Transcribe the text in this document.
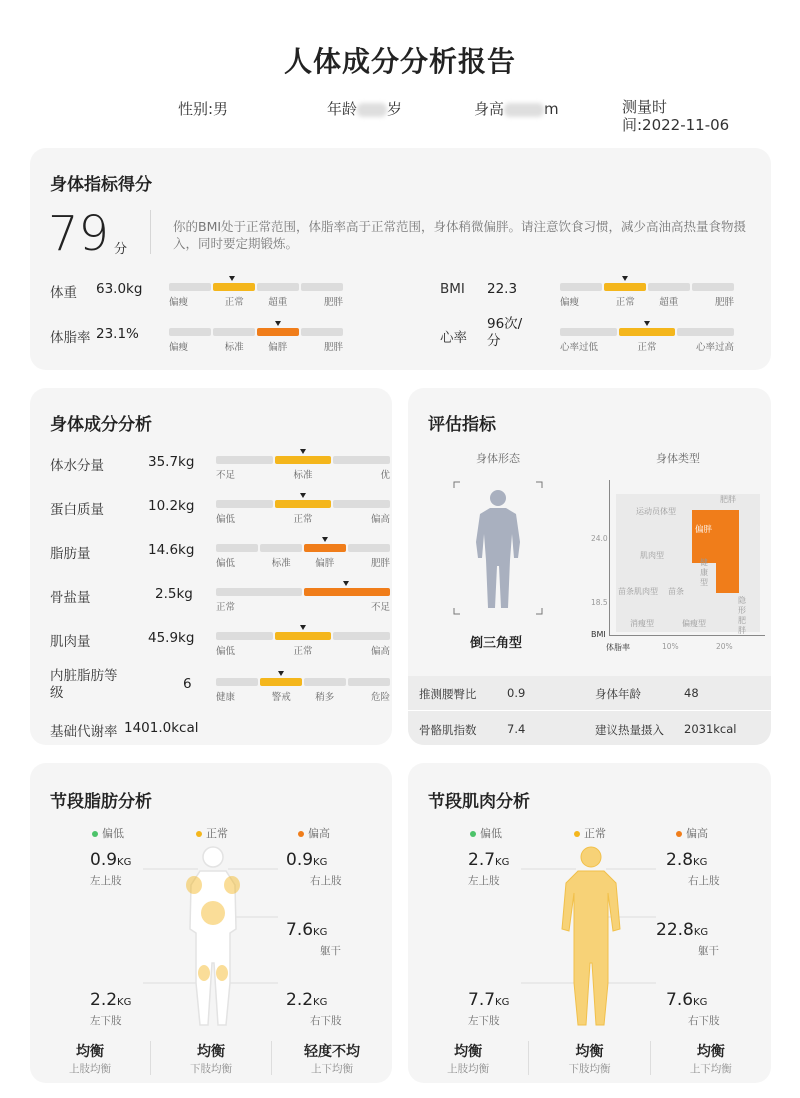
人体成分分析报告
性别:男	年龄 岁	身高	m	测量时
间:2022-11-06
身体指标得分
79 分
你的BMI处于正常范围，体脂率高于正常范围，身体稍微偏胖。请注意饮食习惯，减少高油高热量食物摄入，同时要定期锻炼。
体重 63.0kg
偏瘦	正常	超重	肥胖
BMI 22.3
偏瘦	正常	超重	肥胖
体脂率 23.1%
偏瘦	标准	偏胖	肥胖
心率
96次/分	心率过低	正常	心率过高
身体成分分析
体水分量	35.7kg
不足	标准	优
蛋白质量	10.2kg
偏低	正常	偏高
脂肪量	14.6kg
偏低	标准	偏胖	肥胖
骨盐量	2.5kg
正常	不足
肌肉量	45.9kg
偏低	正常	偏高
内脏脂肪等级
6
健康	警戒	稍多	危险
基础代谢率 1401.0kcal
评估指标
身体形态	身体类型
倒三角型
偏胖
运动员体型
肥胖
肌肉型
健康型
苗条肌肉型 苗条
消瘦型	偏瘦型
隐形肥胖
24.0
18.5
BMI
体脂率	10%	20%
推测腰臀比	0.9	身体年龄	48
骨骼肌指数	7.4	建议热量摄入 2031kcal
节段脂肪分析
偏低	正常	偏高
0.9KG
左上肢
0.9KG
右上肢
7.6KG
躯干
2.2KG
左下肢
2.2KG
右下肢
均衡
上肢均衡
均衡
下肢均衡
轻度不均
上下均衡
节段肌肉分析
偏低	正常	偏高
2.7KG
左上肢
2.8KG
右上肢
22.8KG
躯干
7.7KG
左下肢
7.6KG
右下肢
均衡
上肢均衡
均衡
下肢均衡
均衡
上下均衡
